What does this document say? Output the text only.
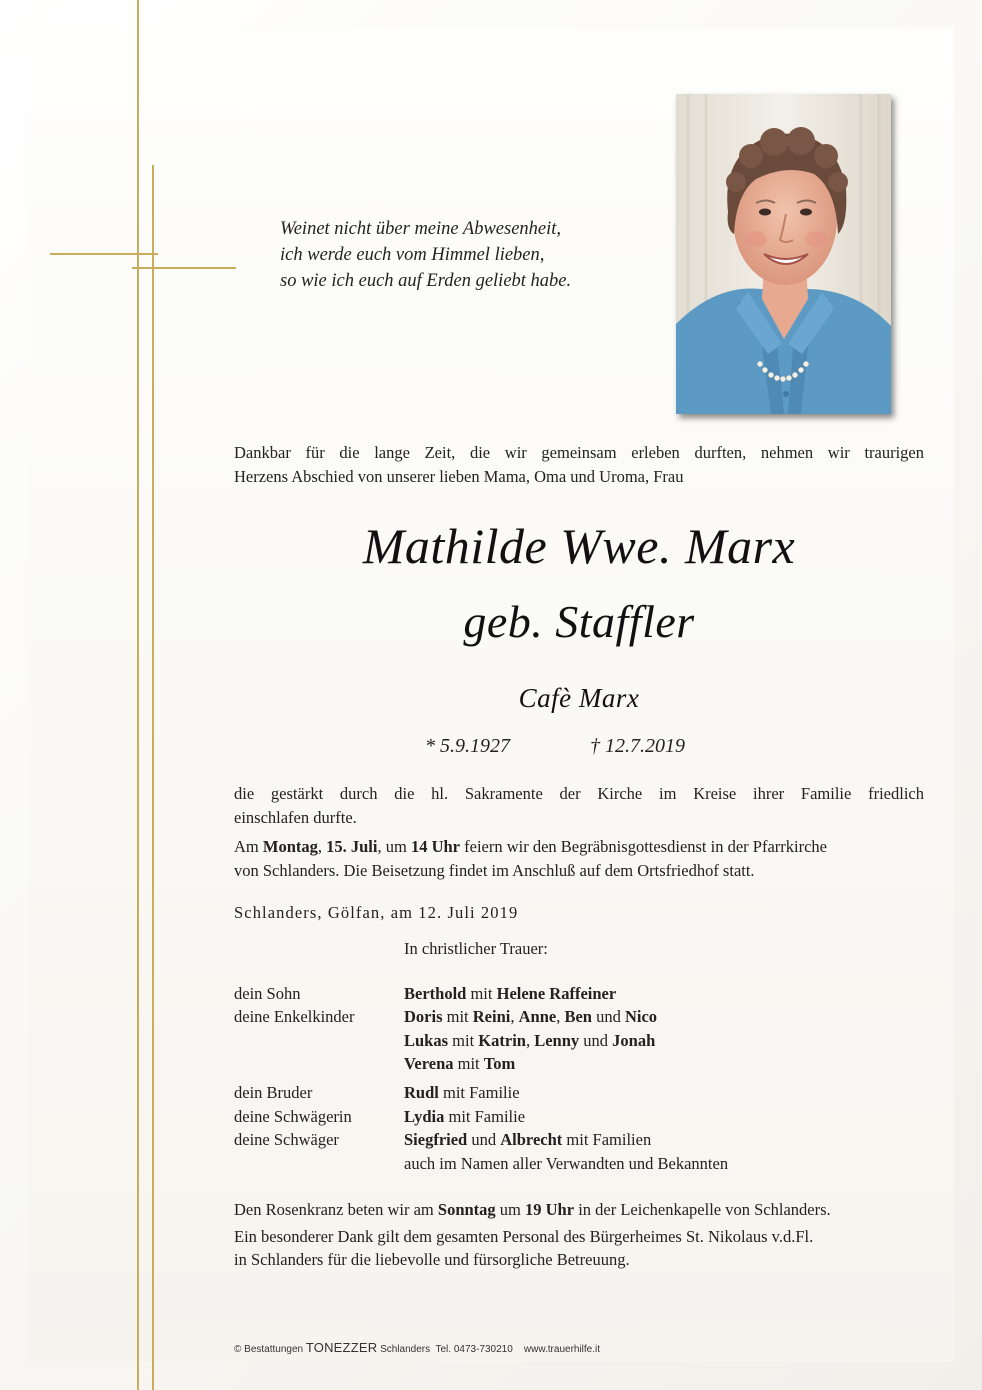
Weinet nicht über meine Abwesenheit,
ich werde euch vom Himmel lieben,
so wie ich euch auf Erden geliebt habe.
Dankbar für die lange Zeit, die wir gemeinsam erleben durften, nehmen wir traurigen
Herzens Abschied von unserer lieben Mama, Oma und Uroma, Frau
Mathilde Wwe. Marx
geb. Staffler
Cafè Marx
* 5.9.1927	† 12.7.2019
die gestärkt durch die hl. Sakramente der Kirche im Kreise ihrer Familie friedlich
einschlafen durfte.
Am Montag, 15. Juli, um 14 Uhr feiern wir den Begräbnisgottesdienst in der Pfarrkirche
von Schlanders. Die Beisetzung findet im Anschluß auf dem Ortsfriedhof statt.
Schlanders, Gölfan, am 12. Juli 2019
In christlicher Trauer:
dein Sohn	Berthold mit Helene Raffeiner
deine Enkelkinder	Doris mit Reini, Anne, Ben und Nico
Lukas mit Katrin, Lenny und Jonah
Verena mit Tom
dein Bruder	Rudl mit Familie
deine Schwägerin	Lydia mit Familie
deine Schwäger	Siegfried und Albrecht mit Familien
auch im Namen aller Verwandten und Bekannten
Den Rosenkranz beten wir am Sonntag um 19 Uhr in der Leichenkapelle von Schlanders.
Ein besonderer Dank gilt dem gesamten Personal des Bürgerheimes St. Nikolaus v.d.Fl.
in Schlanders für die liebevolle und fürsorgliche Betreuung.
© Bestattungen TONEZZER Schlanders  Tel. 0473-730210    www.trauerhilfe.it
